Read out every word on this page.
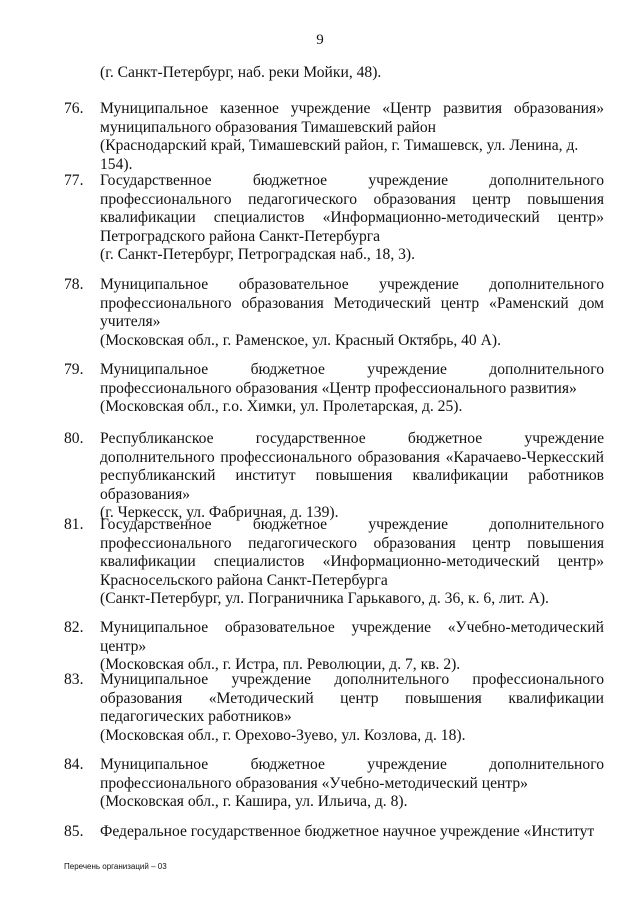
9
(г. Санкт-Петербург, наб. реки Мойки, 48).
76.	Муниципальное казенное учреждение «Центр развития образования» муниципального образования Тимашевский район
(Краснодарский край, Тимашевский район, г. Тимашевск, ул. Ленина, д. 154).
77.	Государственное бюджетное учреждение дополнительного профессионального педагогического образования центр повышения квалификации специалистов «Информационно-методический центр» Петроградского района Санкт-Петербурга
(г. Санкт-Петербург, Петроградская наб., 18, 3).
78.	Муниципальное образовательное учреждение дополнительного профессионального образования Методический центр «Раменский дом учителя»
(Московская обл., г. Раменское, ул. Красный Октябрь, 40 А).
79.	Муниципальное бюджетное учреждение дополнительного профессионального образования «Центр профессионального развития»
(Московская обл., г.о. Химки, ул. Пролетарская, д. 25).
80.	Республиканское государственное бюджетное учреждение дополнительного профессионального образования «Карачаево-Черкесский республиканский институт повышения квалификации работников образования»
(г. Черкесск, ул. Фабричная, д. 139).
81.	Государственное бюджетное учреждение дополнительного профессионального педагогического образования центр повышения квалификации специалистов «Информационно-методический центр» Красносельского района Санкт-Петербурга
(Санкт-Петербург, ул. Пограничника Гарькавого, д. 36, к. 6, лит. А).
82.	Муниципальное образовательное учреждение «Учебно-методический центр»
(Московская обл., г. Истра, пл. Революции, д. 7, кв. 2).
83.	Муниципальное учреждение дополнительного профессионального образования «Методический центр повышения квалификации педагогических работников»
(Московская обл., г. Орехово-Зуево, ул. Козлова, д. 18).
84.	Муниципальное бюджетное учреждение дополнительного профессионального образования «Учебно-методический центр»
(Московская обл., г. Кашира, ул. Ильича, д. 8).
85.	Федеральное государственное бюджетное научное учреждение «Институт
Перечень организаций – 03
